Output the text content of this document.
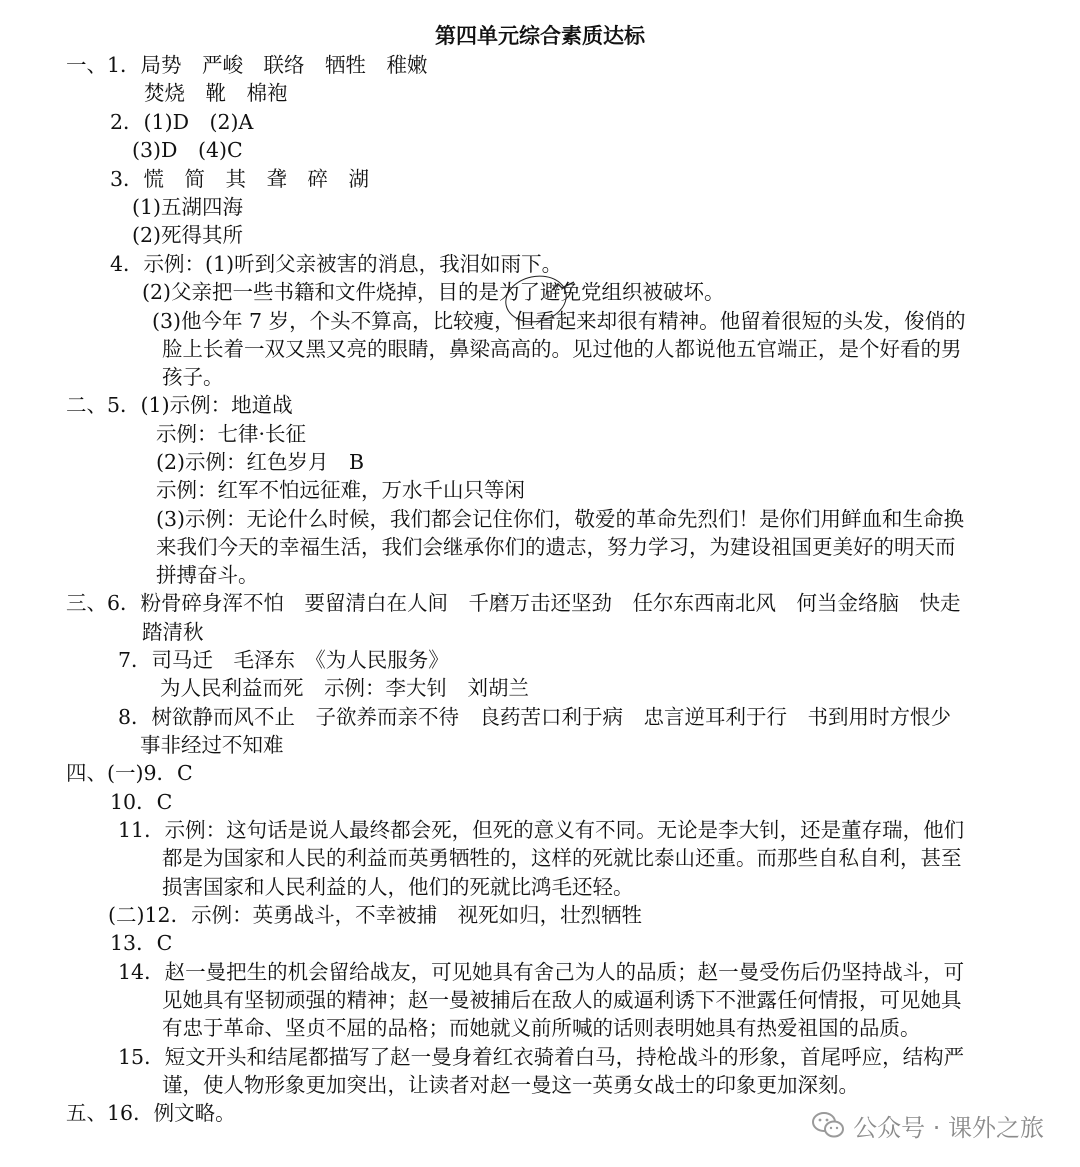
第四单元综合素质达标
一、1．局势　严峻　联络　牺牲　稚嫩
焚烧　靴　棉袍
2．(1)D　(2)A
(3)D　(4)C
3．慌　简　其　聋　碎　湖
(1)五湖四海
(2)死得其所
4．示例：(1)听到父亲被害的消息，我泪如雨下。
(2)父亲把一些书籍和文件烧掉，目的是为了避免党组织被破坏。
(3)他今年 7 岁，个头不算高，比较瘦，但看起来却很有精神。他留着很短的头发，俊俏的
脸上长着一双又黑又亮的眼睛，鼻梁高高的。见过他的人都说他五官端正，是个好看的男
孩子。
二、5．(1)示例：地道战
示例：七律·长征
(2)示例：红色岁月　B
示例：红军不怕远征难，万水千山只等闲
(3)示例：无论什么时候，我们都会记住你们，敬爱的革命先烈们！是你们用鲜血和生命换
来我们今天的幸福生活，我们会继承你们的遗志，努力学习，为建设祖国更美好的明天而
拼搏奋斗。
三、6．粉骨碎身浑不怕　要留清白在人间　千磨万击还坚劲　任尔东西南北风　何当金络脑　快走
踏清秋
7．司马迁　毛泽东　《为人民服务》
为人民利益而死　示例：李大钊　刘胡兰
8．树欲静而风不止　子欲养而亲不待　良药苦口利于病　忠言逆耳利于行　书到用时方恨少
事非经过不知难
四、(一)9．C
10．C
11．示例：这句话是说人最终都会死，但死的意义有不同。无论是李大钊，还是董存瑞，他们
都是为国家和人民的利益而英勇牺牲的，这样的死就比泰山还重。而那些自私自利，甚至
损害国家和人民利益的人，他们的死就比鸿毛还轻。
(二)12．示例：英勇战斗，不幸被捕　视死如归，壮烈牺牲
13．C
14．赵一曼把生的机会留给战友，可见她具有舍己为人的品质；赵一曼受伤后仍坚持战斗，可
见她具有坚韧顽强的精神；赵一曼被捕后在敌人的威逼利诱下不泄露任何情报，可见她具
有忠于革命、坚贞不屈的品格；而她就义前所喊的话则表明她具有热爱祖国的品质。
15．短文开头和结尾都描写了赵一曼身着红衣骑着白马，持枪战斗的形象，首尾呼应，结构严
谨，使人物形象更加突出，让读者对赵一曼这一英勇女战士的印象更加深刻。
五、16．例文略。
公众号 · 课外之旅
